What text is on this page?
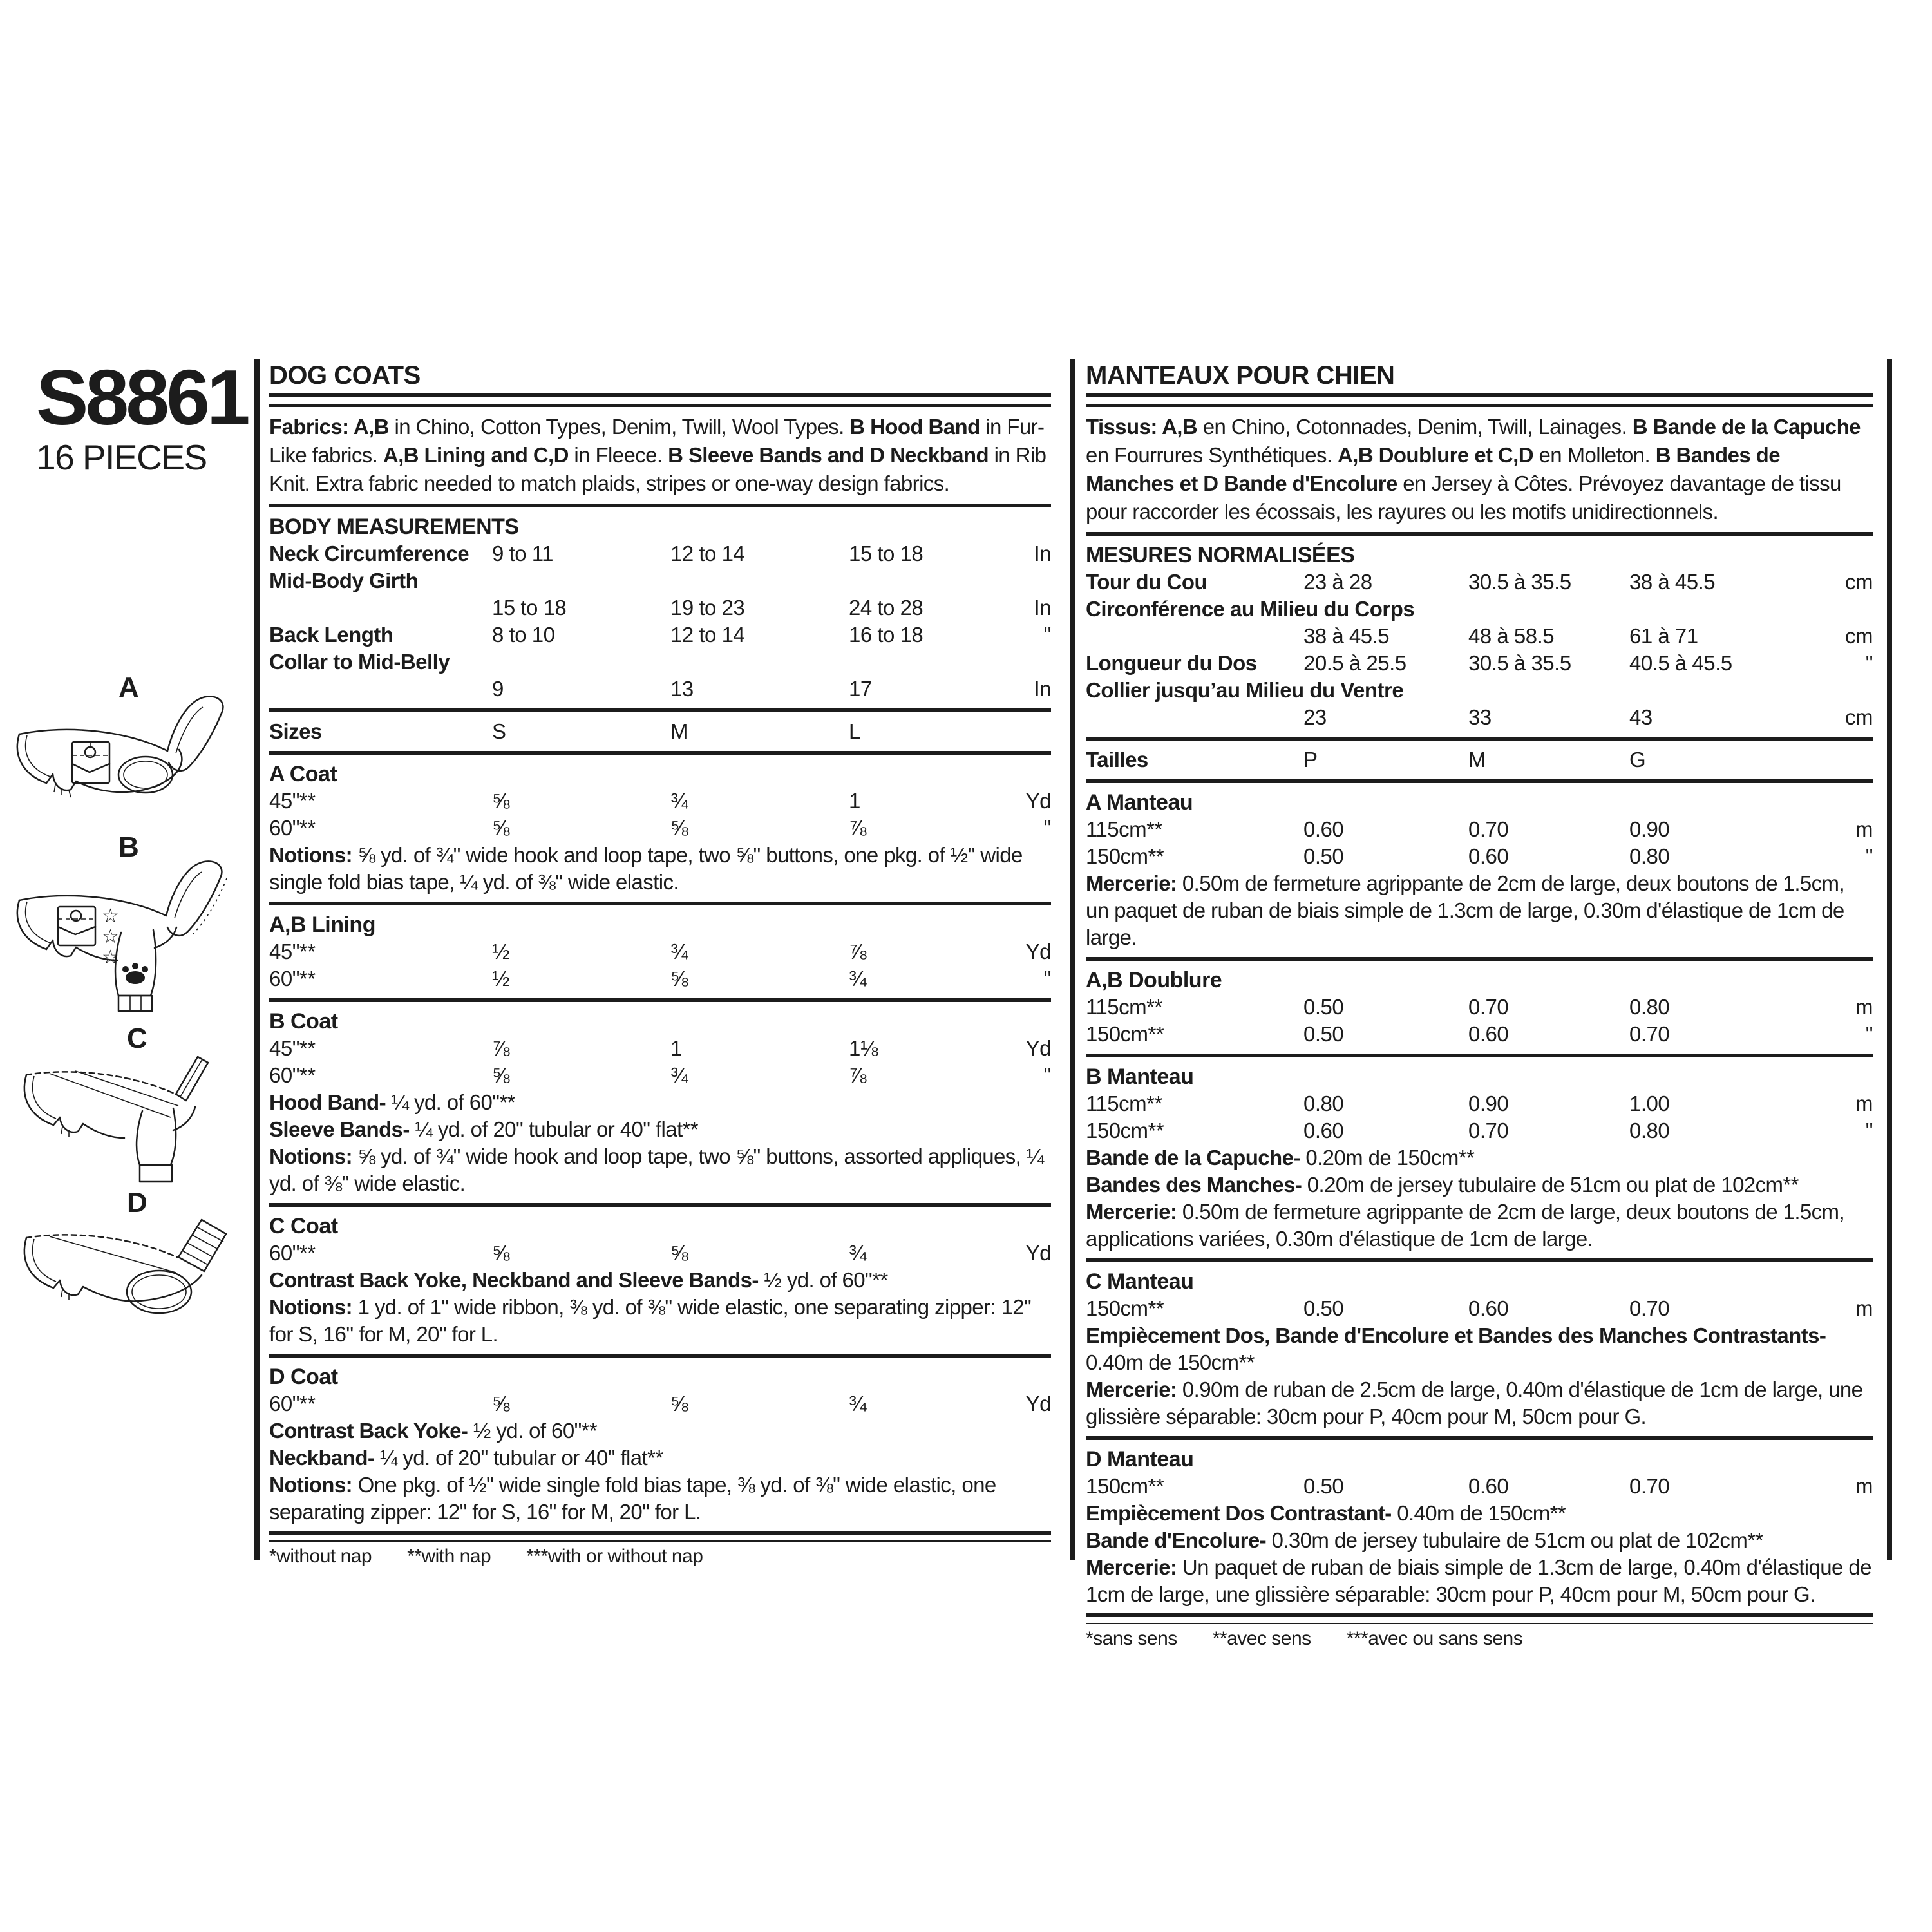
S8861
16 PIECES
A
B
☆
☆
☆
C
D
DOG COATS

Fabrics: A,B in Chino, Cotton Types, Denim, Twill, Wool Types. B Hood Band in Fur-Like fabrics. A,B Lining and C,D in Fleece. B Sleeve Bands and D Neckband in Rib Knit. Extra fabric needed to match plaids, stripes or one-way design fabrics.

BODY MEASUREMENTS
Neck Circumference	9 to 11	12 to 14	15 to 18	In
Mid-Body Girth
15 to 18	19 to 23	24 to 28	In
Back Length	8 to 10	12 to 14	16 to 18	"
Collar to Mid-Belly
9	13	17	In
Sizes	S	M	L
A Coat
45"**	⅝	¾	1	Yd
60"**	⅝	⅝	⅞	"

Notions: ⅝ yd. of ¾" wide hook and loop tape, two ⅝" buttons, one pkg. of ½" wide single fold bias tape, ¼ yd. of ⅜" wide elastic.

A,B Lining
45"**	½	¾	⅞	Yd
60"**	½	⅝	¾	"
B Coat
45"**	⅞	1	1⅛	Yd
60"**	⅝	¾	⅞	"

Hood Band- ¼ yd. of 60"**

Sleeve Bands- ¼ yd. of 20" tubular or 40" flat**

Notions: ⅝ yd. of ¾" wide hook and loop tape, two ⅝" buttons, assorted appliques, ¼ yd. of ⅜" wide elastic.

C Coat
60"**	⅝	⅝	¾	Yd

Contrast Back Yoke, Neckband and Sleeve Bands- ½ yd. of 60"**

Notions: 1 yd. of 1" wide ribbon, ⅜ yd. of ⅜" wide elastic, one separating zipper: 12" for S, 16" for M, 20" for L.

D Coat
60"**	⅝	⅝	¾	Yd

Contrast Back Yoke- ½ yd. of 60"**

Neckband- ¼ yd. of 20" tubular or 40" flat**

Notions: One pkg. of ½" wide single fold bias tape, ⅜ yd. of ⅜" wide elastic, one separating zipper: 12" for S, 16" for M, 20" for L.

*without nap **with nap ***with or without nap
MANTEAUX POUR CHIEN

Tissus: A,B en Chino, Cotonnades, Denim, Twill, Lainages. B Bande de la Capuche en Fourrures Synthétiques. A,B Doublure et C,D en Molleton. B Bandes de Manches et D Bande d'Encolure en Jersey à Côtes. Prévoyez davantage de tissu pour raccorder les écossais, les rayures ou les motifs unidirectionnels.

MESURES NORMALISÉES
Tour du Cou	23 à 28	30.5 à 35.5	38 à 45.5	cm
Circonférence au Milieu du Corps
38 à 45.5	48 à 58.5	61 à 71	cm
Longueur du Dos	20.5 à 25.5	30.5 à 35.5	40.5 à 45.5	"
Collier jusqu’au Milieu du Ventre
23	33	43	cm
Tailles	P	M	G
A Manteau
115cm**	0.60	0.70	0.90	m
150cm**	0.50	0.60	0.80	"

Mercerie: 0.50m de fermeture agrippante de 2cm de large, deux boutons de 1.5cm, un paquet de ruban de biais simple de 1.3cm de large, 0.30m d'élastique de 1cm de large.

A,B Doublure
115cm**	0.50	0.70	0.80	m
150cm**	0.50	0.60	0.70	"
B Manteau
115cm**	0.80	0.90	1.00	m
150cm**	0.60	0.70	0.80	"

Bande de la Capuche- 0.20m de 150cm**

Bandes des Manches- 0.20m de jersey tubulaire de 51cm ou plat de 102cm**

Mercerie: 0.50m de fermeture agrippante de 2cm de large, deux boutons de 1.5cm, applications variées, 0.30m d'élastique de 1cm de large.

C Manteau
150cm**	0.50	0.60	0.70	m

Empiècement Dos, Bande d'Encolure et Bandes des Manches Contrastants- 0.40m de 150cm**

Mercerie: 0.90m de ruban de 2.5cm de large, 0.40m d'élastique de 1cm de large, une glissière séparable: 30cm pour P, 40cm pour M, 50cm pour G.

D Manteau
150cm**	0.50	0.60	0.70	m

Empiècement Dos Contrastant- 0.40m de 150cm**

Bande d'Encolure- 0.30m de jersey tubulaire de 51cm ou plat de 102cm**

Mercerie: Un paquet de ruban de biais simple de 1.3cm de large, 0.40m d'élastique de 1cm de large, une glissière séparable: 30cm pour P, 40cm pour M, 50cm pour G.

*sans sens **avec sens ***avec ou sans sens
